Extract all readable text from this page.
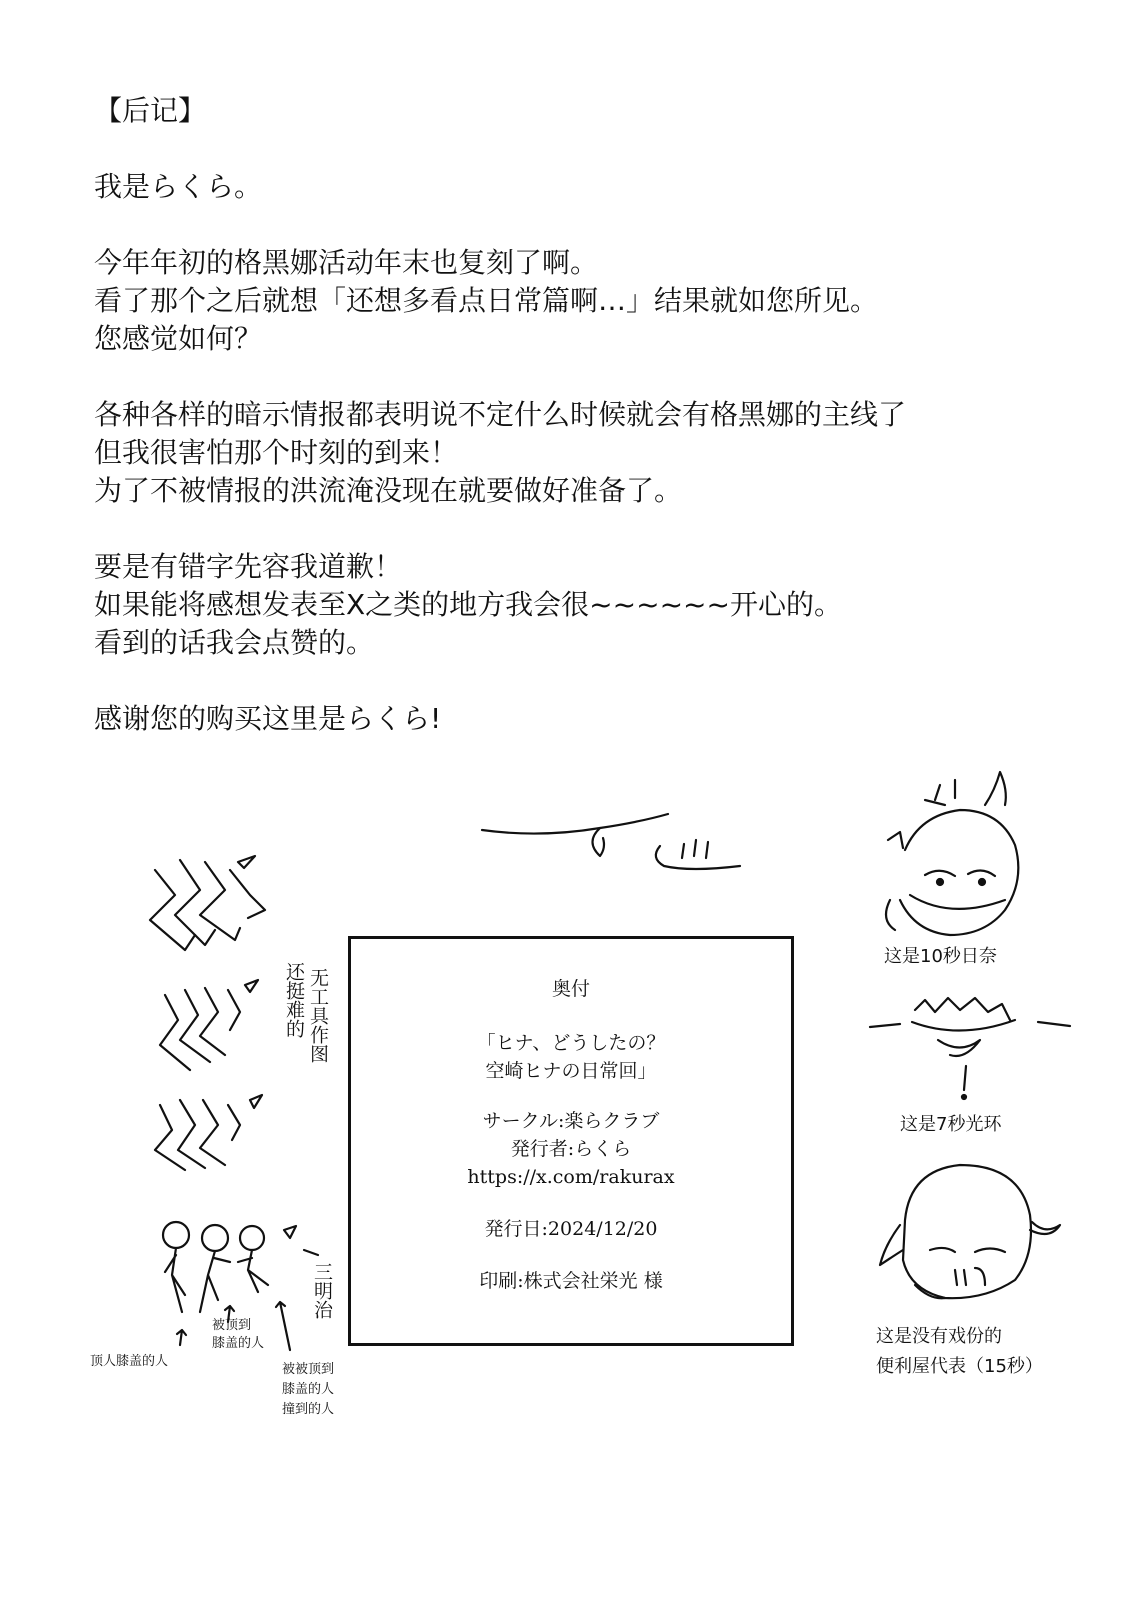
【后记】

我是らくら。

今年年初的格黑娜活动年末也复刻了啊。

看了那个之后就想「还想多看点日常篇啊…」结果就如您所见。

您感觉如何？

各种各样的暗示情报都表明说不定什么时候就会有格黑娜的主线了

但我很害怕那个时刻的到来！

为了不被情报的洪流淹没现在就要做好准备了。

要是有错字先容我道歉！

如果能将感想发表至X之类的地方我会很~~~~~~开心的。

看到的话我会点赞的。

感谢您的购买这里是らくら!

无工具作图
还挺难的
三明治
被顶到
膝盖的人
顶人膝盖的人
被被顶到
膝盖的人
撞到的人

奥付

「ヒナ、どうしたの？

空崎ヒナの日常回」

サークル:楽らクラブ

発行者:らくら

https://x.com/rakurax

発行日:2024/12/20

印刷:株式会社栄光 様

这是10秒日奈
这是7秒光环
这是没有戏份的
便利屋代表（15秒）
